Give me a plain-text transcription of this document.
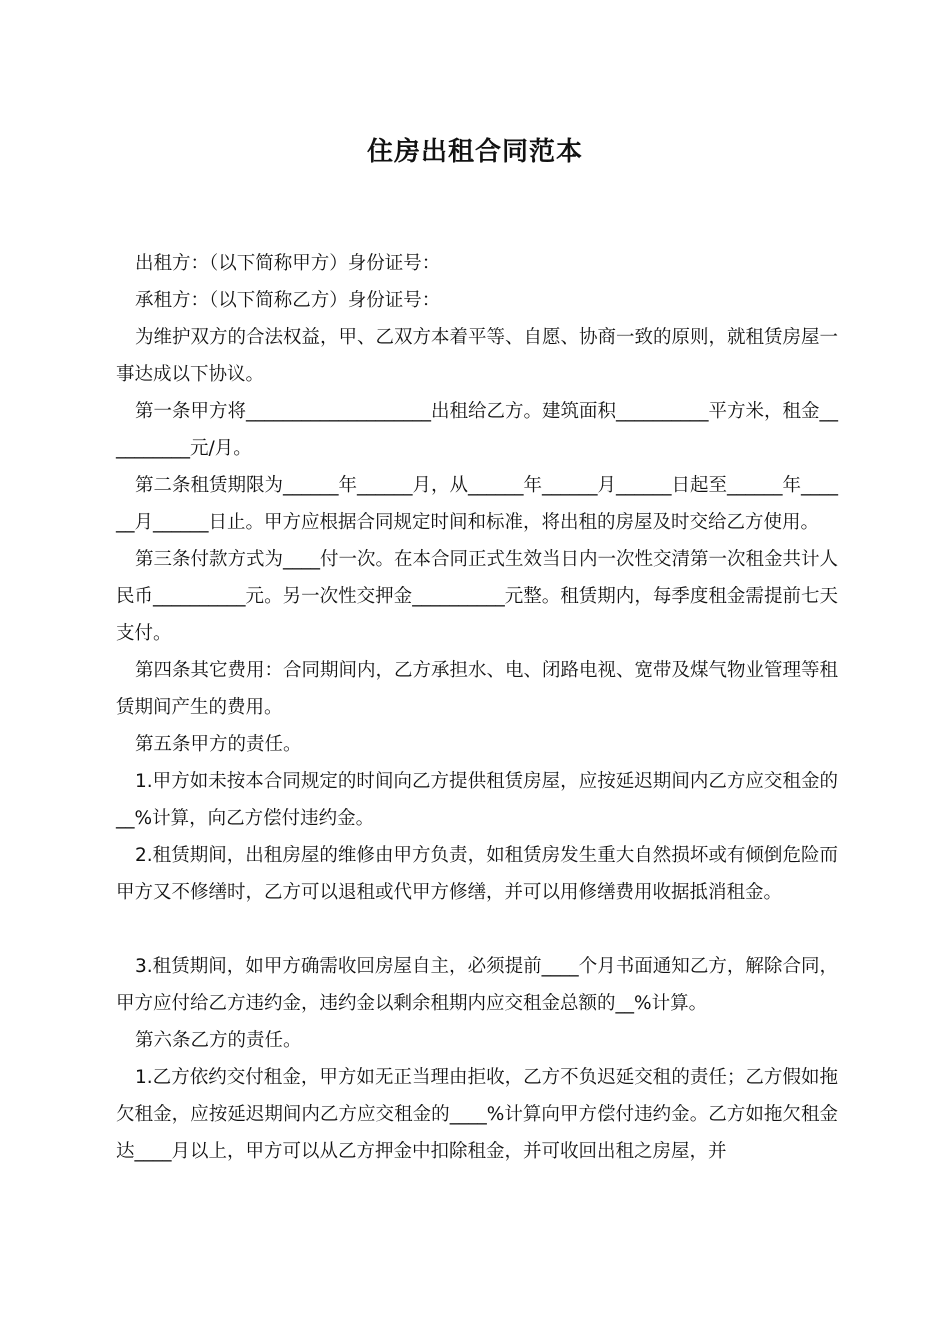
住房出租合同范本

出租方：（以下简称甲方）身份证号：

承租方：（以下简称乙方）身份证号：

为维护双方的合法权益，甲、乙双方本着平等、自愿、协商一致的原则，就租赁房屋一事达成以下协议。

第一条甲方将____________________出租给乙方。建筑面积__________平方米，租金__________元/月。

第二条租赁期限为______年______月，从______年______月______日起至______年______月______日止。甲方应根据合同规定时间和标准，将出租的房屋及时交给乙方使用。

第三条付款方式为____付一次。在本合同正式生效当日内一次性交清第一次租金共计人民币__________元。另一次性交押金__________元整。租赁期内，每季度租金需提前七天支付。

第四条其它费用：合同期间内，乙方承担水、电、闭路电视、宽带及煤气物业管理等租赁期间产生的费用。

第五条甲方的责任。

1.甲方如未按本合同规定的时间向乙方提供租赁房屋，应按延迟期间内乙方应交租金的__%计算，向乙方偿付违约金。

2.租赁期间，出租房屋的维修由甲方负责，如租赁房发生重大自然损坏或有倾倒危险而甲方又不修缮时，乙方可以退租或代甲方修缮，并可以用修缮费用收据抵消租金。

3.租赁期间，如甲方确需收回房屋自主，必须提前____个月书面通知乙方，解除合同，甲方应付给乙方违约金，违约金以剩余租期内应交租金总额的__%计算。

第六条乙方的责任。

1.乙方依约交付租金，甲方如无正当理由拒收，乙方不负迟延交租的责任；乙方假如拖欠租金，应按延迟期间内乙方应交租金的____%计算向甲方偿付违约金。乙方如拖欠租金达____月以上，甲方可以从乙方押金中扣除租金，并可收回出租之房屋，并
